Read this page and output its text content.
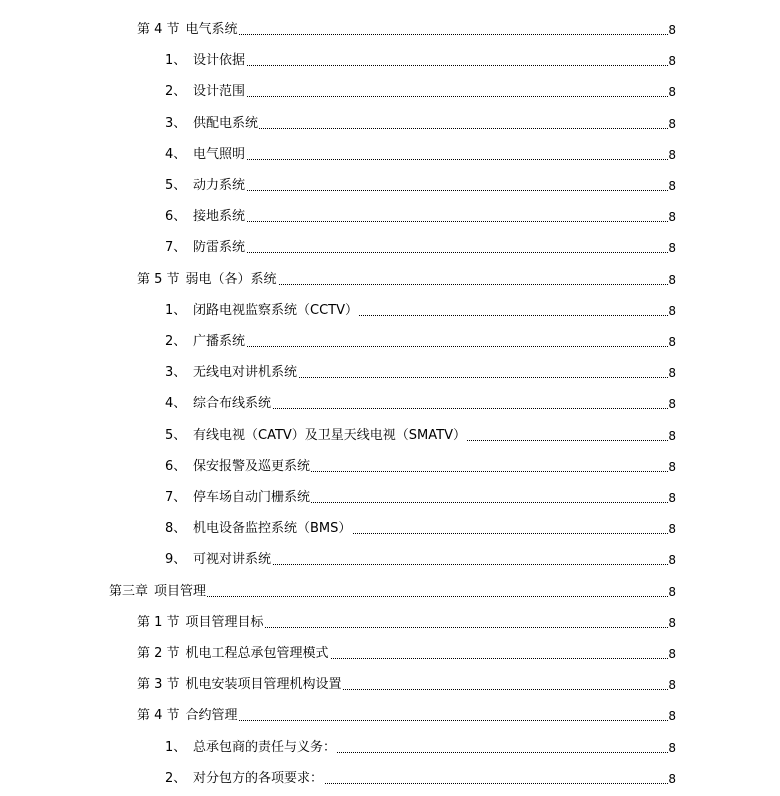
第 4 节 电气系统	8
1、 设计依据	8
2、 设计范围	8
3、 供配电系统	8
4、 电气照明	8
5、 动力系统	8
6、 接地系统	8
7、 防雷系统	8
第 5 节 弱电（各）系统	8
1、 闭路电视监察系统（CCTV）	8
2、 广播系统	8
3、 无线电对讲机系统	8
4、 综合布线系统	8
5、 有线电视（CATV）及卫星天线电视（SMATV）	8
6、 保安报警及巡更系统	8
7、 停车场自动门栅系统	8
8、 机电设备监控系统（BMS）	8
9、 可视对讲系统	8
第三章 项目管理	8
第 1 节 项目管理目标	8
第 2 节 机电工程总承包管理模式	8
第 3 节 机电安装项目管理机构设置	8
第 4 节 合约管理	8
1、 总承包商的责任与义务：	8
2、 对分包方的各项要求：	8
